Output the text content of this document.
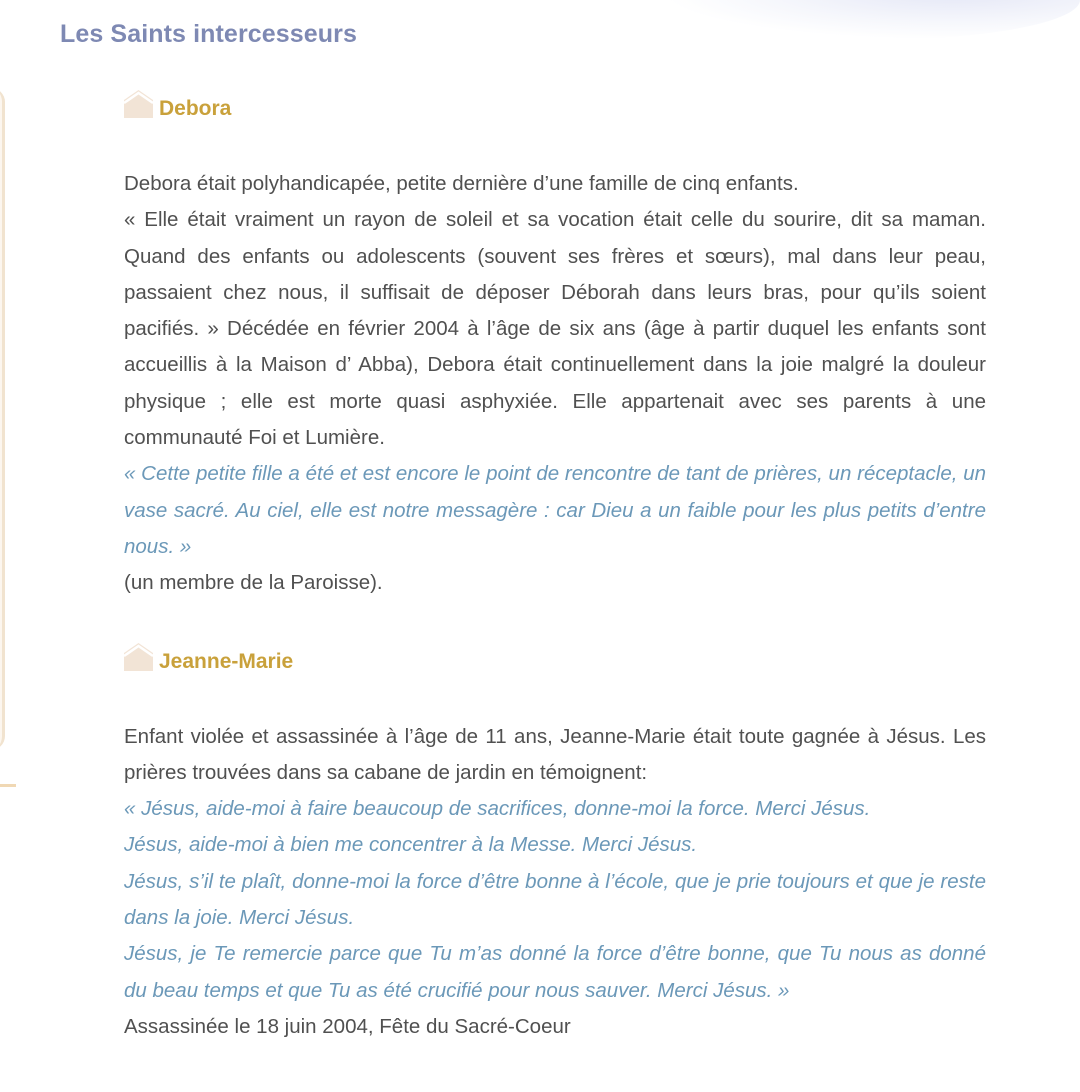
Les Saints intercesseurs
Debora

Debora était polyhandicapée, petite dernière d’une famille de cinq enfants.

« Elle était vraiment un rayon de soleil et sa vocation était celle du sourire, dit sa maman. Quand des enfants ou adolescents (souvent ses frères et sœurs), mal dans leur peau, passaient chez nous, il suffisait de déposer Déborah dans leurs bras, pour qu’ils soient pacifiés. » Décédée en février 2004 à l’âge de six ans (âge à partir duquel les enfants sont accueillis à la Maison d’ Abba), Debora était continuellement dans la joie malgré la douleur physique ; elle est morte quasi asphyxiée. Elle appartenait avec ses parents à une communauté Foi et Lumière.

« Cette petite fille a été et est encore le point de rencontre de tant de prières, un réceptacle, un vase sacré. Au ciel, elle est notre messagère : car Dieu a un faible pour les plus petits d’entre nous. »

(un membre de la Paroisse).

Jeanne-Marie

Enfant violée et assassinée à l’âge de 11 ans, Jeanne-Marie était toute gagnée à Jésus. Les prières trouvées dans sa cabane de jardin en témoignent:

« Jésus, aide-moi à faire beaucoup de sacrifices, donne-moi la force. Merci Jésus.
Jésus, aide-moi à bien me concentrer à la Messe. Merci Jésus.
Jésus, s’il te plaît, donne-moi la force d’être bonne à l’école, que je prie toujours et que je reste dans la joie. Merci Jésus.
Jésus, je Te remercie parce que Tu m’as donné la force d’être bonne, que Tu nous as donné du beau temps et que Tu as été crucifié pour nous sauver. Merci Jésus. »

Assassinée le 18 juin 2004, Fête du Sacré-Coeur
